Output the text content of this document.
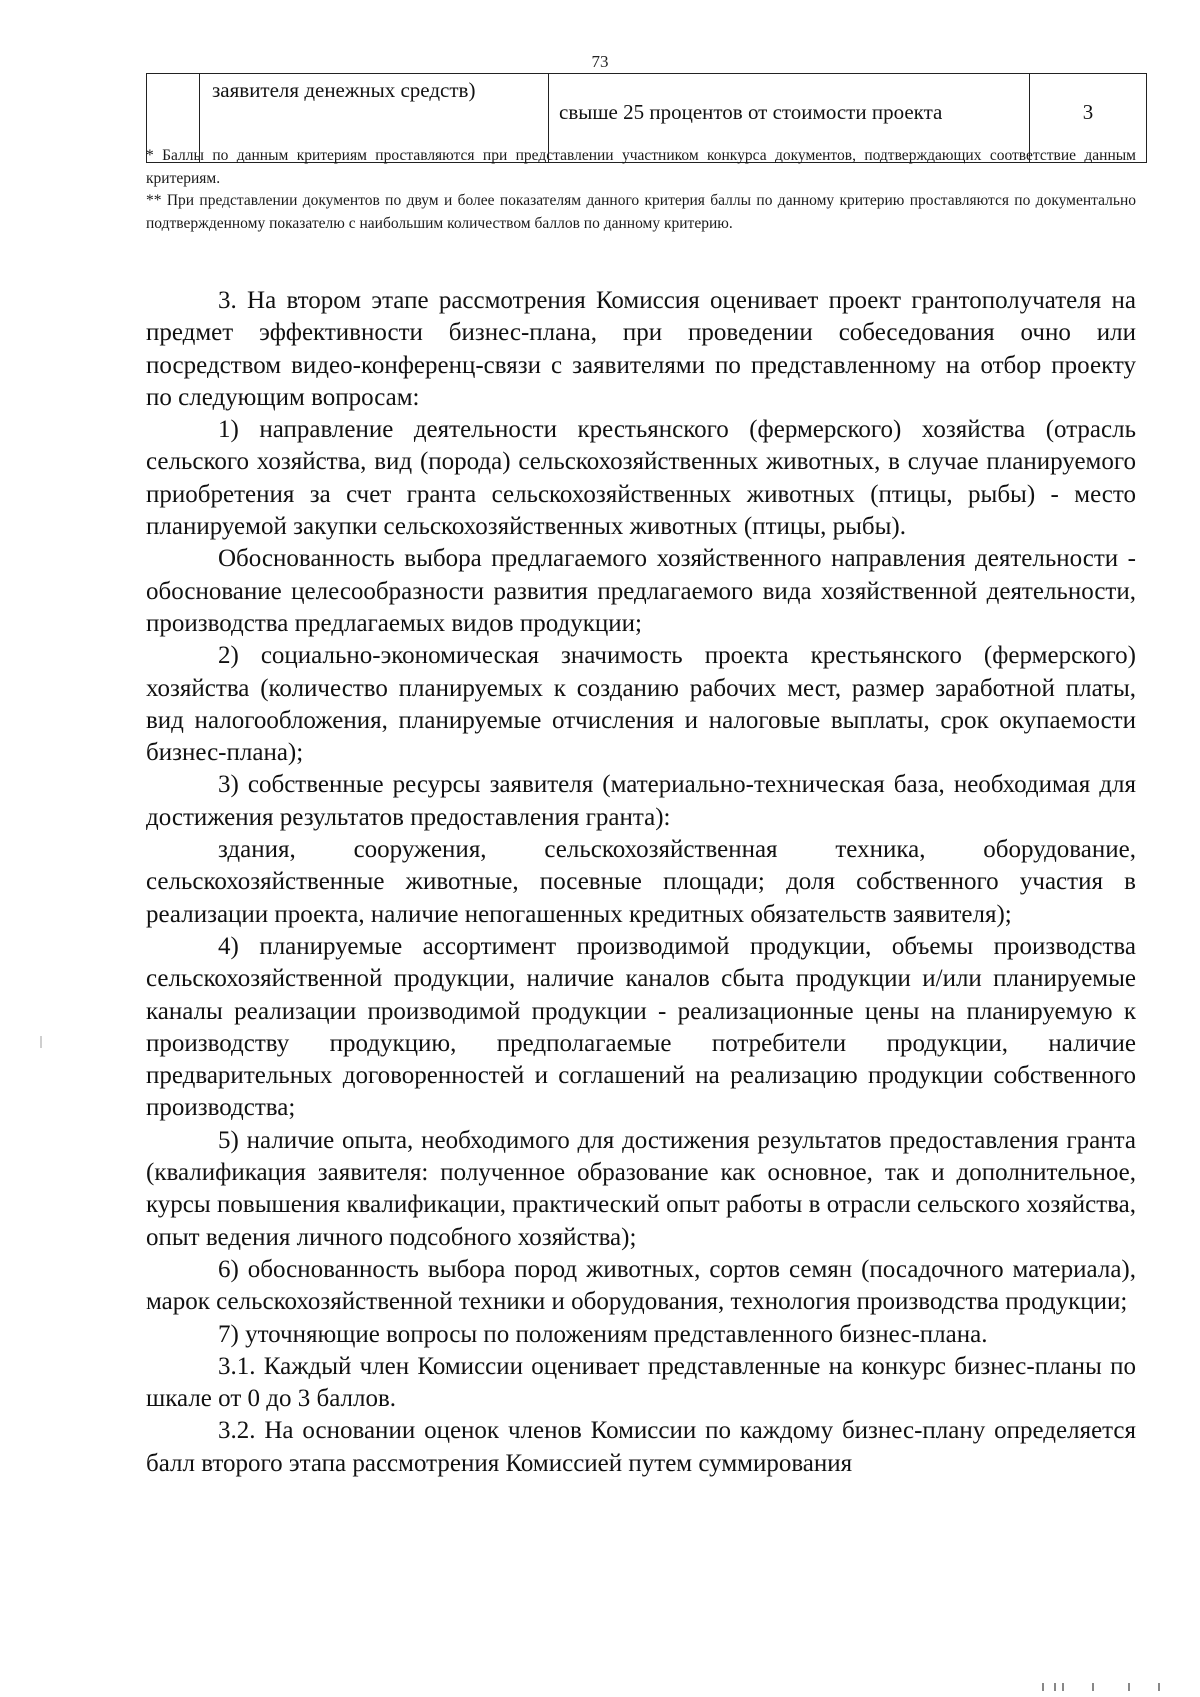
73
	заявителя денежных средств)	свыше 25 процентов от стоимости проекта	3

* Баллы по данным критериям проставляются при представлении участником конкурса документов, подтверждающих соответствие данным критериям.

** При представлении документов по двум и более показателям данного критерия баллы по данному критерию проставляются по документально подтвержденному показателю с наибольшим количеством баллов по данному критерию.

3. На втором этапе рассмотрения Комиссия оценивает проект грантополучателя на предмет эффективности бизнес-плана, при проведении собеседования очно или посредством видео-конференц-связи с заявителями по представленному на отбор проекту по следующим вопросам:

1) направление деятельности крестьянского (фермерского) хозяйства (отрасль сельского хозяйства, вид (порода) сельскохозяйственных животных, в случае планируемого приобретения за счет гранта сельскохозяйственных животных (птицы, рыбы) - место планируемой закупки сельскохозяйственных животных (птицы, рыбы).

Обоснованность выбора предлагаемого хозяйственного направления деятельности - обоснование целесообразности развития предлагаемого вида хозяйственной деятельности, производства предлагаемых видов продукции;

2) социально-экономическая значимость проекта крестьянского (фермерского) хозяйства (количество планируемых к созданию рабочих мест, размер заработной платы, вид налогообложения, планируемые отчисления и налоговые выплаты, срок окупаемости бизнес-плана);

3) собственные ресурсы заявителя (материально-техническая база, необходимая для достижения результатов предоставления гранта):

здания, сооружения, сельскохозяйственная техника, оборудование, сельскохозяйственные животные, посевные площади; доля собственного участия в реализации проекта, наличие непогашенных кредитных обязательств заявителя);

4) планируемые ассортимент производимой продукции, объемы производства сельскохозяйственной продукции, наличие каналов сбыта продукции и/или планируемые каналы реализации производимой продукции - реализационные цены на планируемую к производству продукцию, предполагаемые потребители продукции, наличие предварительных договоренностей и соглашений на реализацию продукции собственного производства;

5) наличие опыта, необходимого для достижения результатов предоставления гранта (квалификация заявителя: полученное образование как основное, так и дополнительное, курсы повышения квалификации, практический опыт работы в отрасли сельского хозяйства, опыт ведения личного подсобного хозяйства);

6) обоснованность выбора пород животных, сортов семян (посадочного материала), марок сельскохозяйственной техники и оборудования, технология производства продукции;

7) уточняющие вопросы по положениям представленного бизнес-плана.

3.1. Каждый член Комиссии оценивает представленные на конкурс бизнес-планы по шкале от 0 до 3 баллов.

3.2. На основании оценок членов Комиссии по каждому бизнес-плану определяется балл второго этапа рассмотрения Комиссией путем суммирования
